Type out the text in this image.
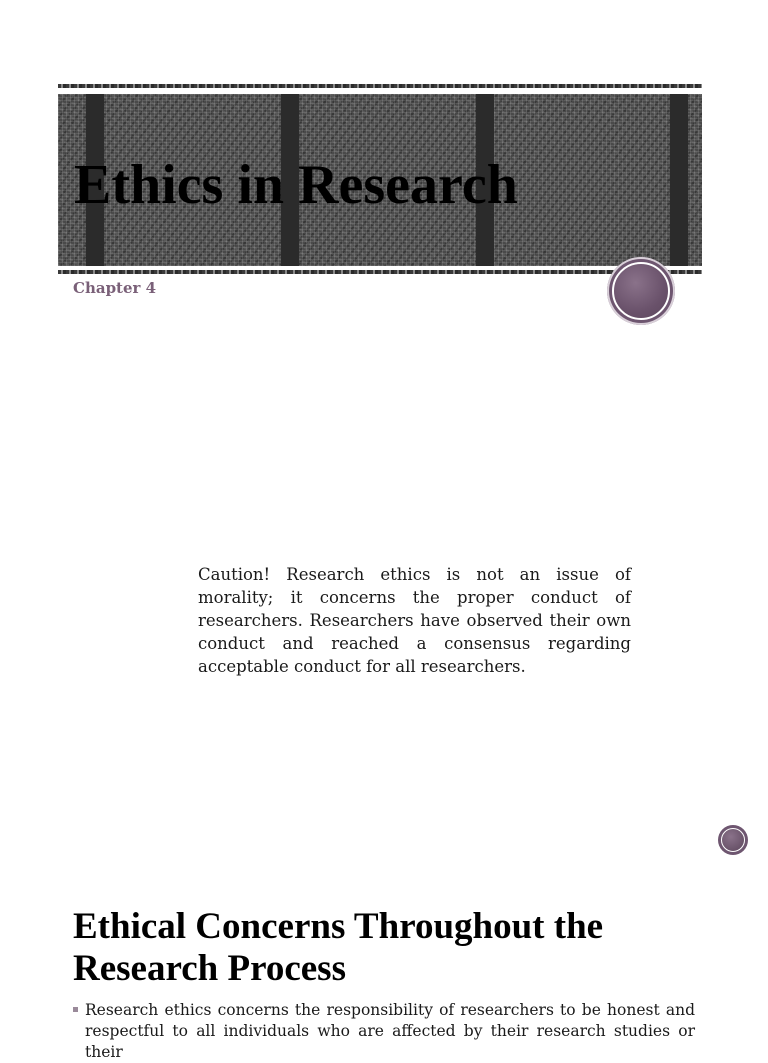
Ethics in Research

Chapter 4

Caution! Research ethics is not an issue of morality; it concerns the proper conduct of researchers. Researchers have observed their own conduct and reached a consensus regarding acceptable conduct for all researchers.

Ethical Concerns Throughout the Research Process
Research ethics concerns the responsibility of researchers to be honest and respectful to all individuals who are affected by their research studies or their
